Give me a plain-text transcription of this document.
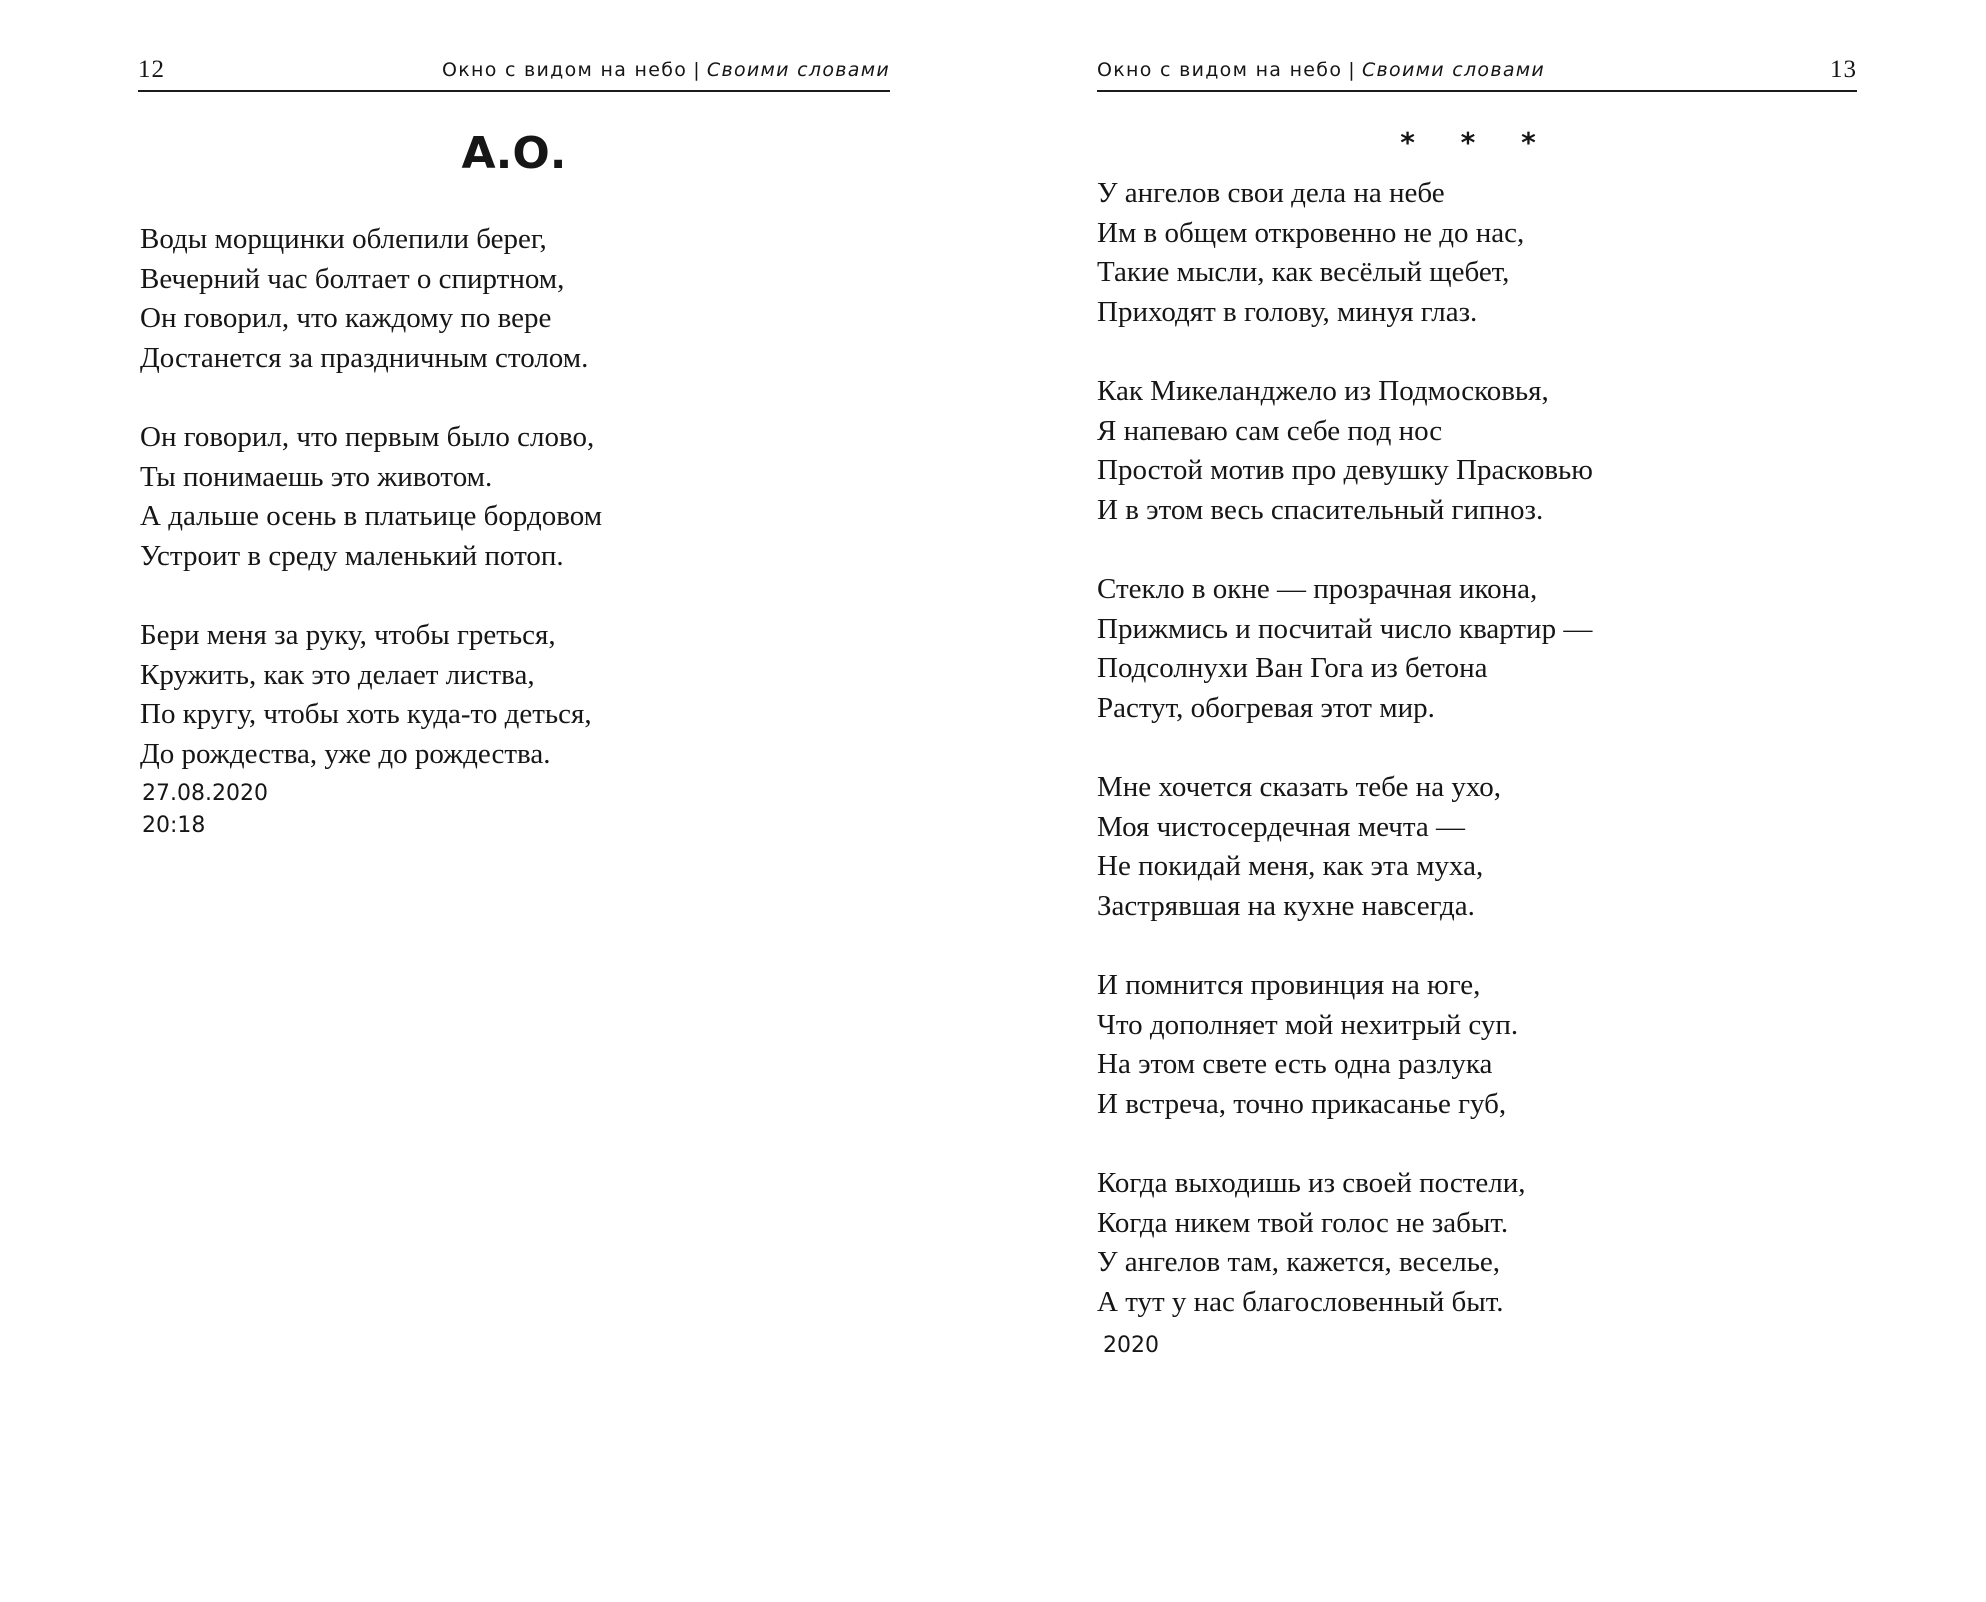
12	Окно с видом на небо | Своими словами
А.О.
Воды морщинки облепили берег,
Вечерний час болтает о спиртном,
Он говорил, что каждому по вере
Достанется за праздничным столом.
Он говорил, что первым было слово,
Ты понимаешь это животом.
А дальше осень в платьице бордовом
Устроит в среду маленький потоп.
Бери меня за руку, чтобы греться,
Кружить, как это делает листва,
По кругу, чтобы хоть куда-то деться,
До рождества, уже до рождества.
27.08.2020
20:18
Окно с видом на небо | Своими словами	13
* * *
У ангелов свои дела на небе
Им в общем откровенно не до нас,
Такие мысли, как весёлый щебет,
Приходят в голову, минуя глаз.
Как Микеланджело из Подмосковья,
Я напеваю сам себе под нос
Простой мотив про девушку Прасковью
И в этом весь спасительный гипноз.
Стекло в окне — прозрачная икона,
Прижмись и посчитай число квартир —
Подсолнухи Ван Гога из бетона
Растут, обогревая этот мир.
Мне хочется сказать тебе на ухо,
Моя чистосердечная мечта —
Не покидай меня, как эта муха,
Застрявшая на кухне навсегда.
И помнится провинция на юге,
Что дополняет мой нехитрый суп.
На этом свете есть одна разлука
И встреча, точно прикасанье губ,
Когда выходишь из своей постели,
Когда никем твой голос не забыт.
У ангелов там, кажется, веселье,
А тут у нас благословенный быт.
2020
